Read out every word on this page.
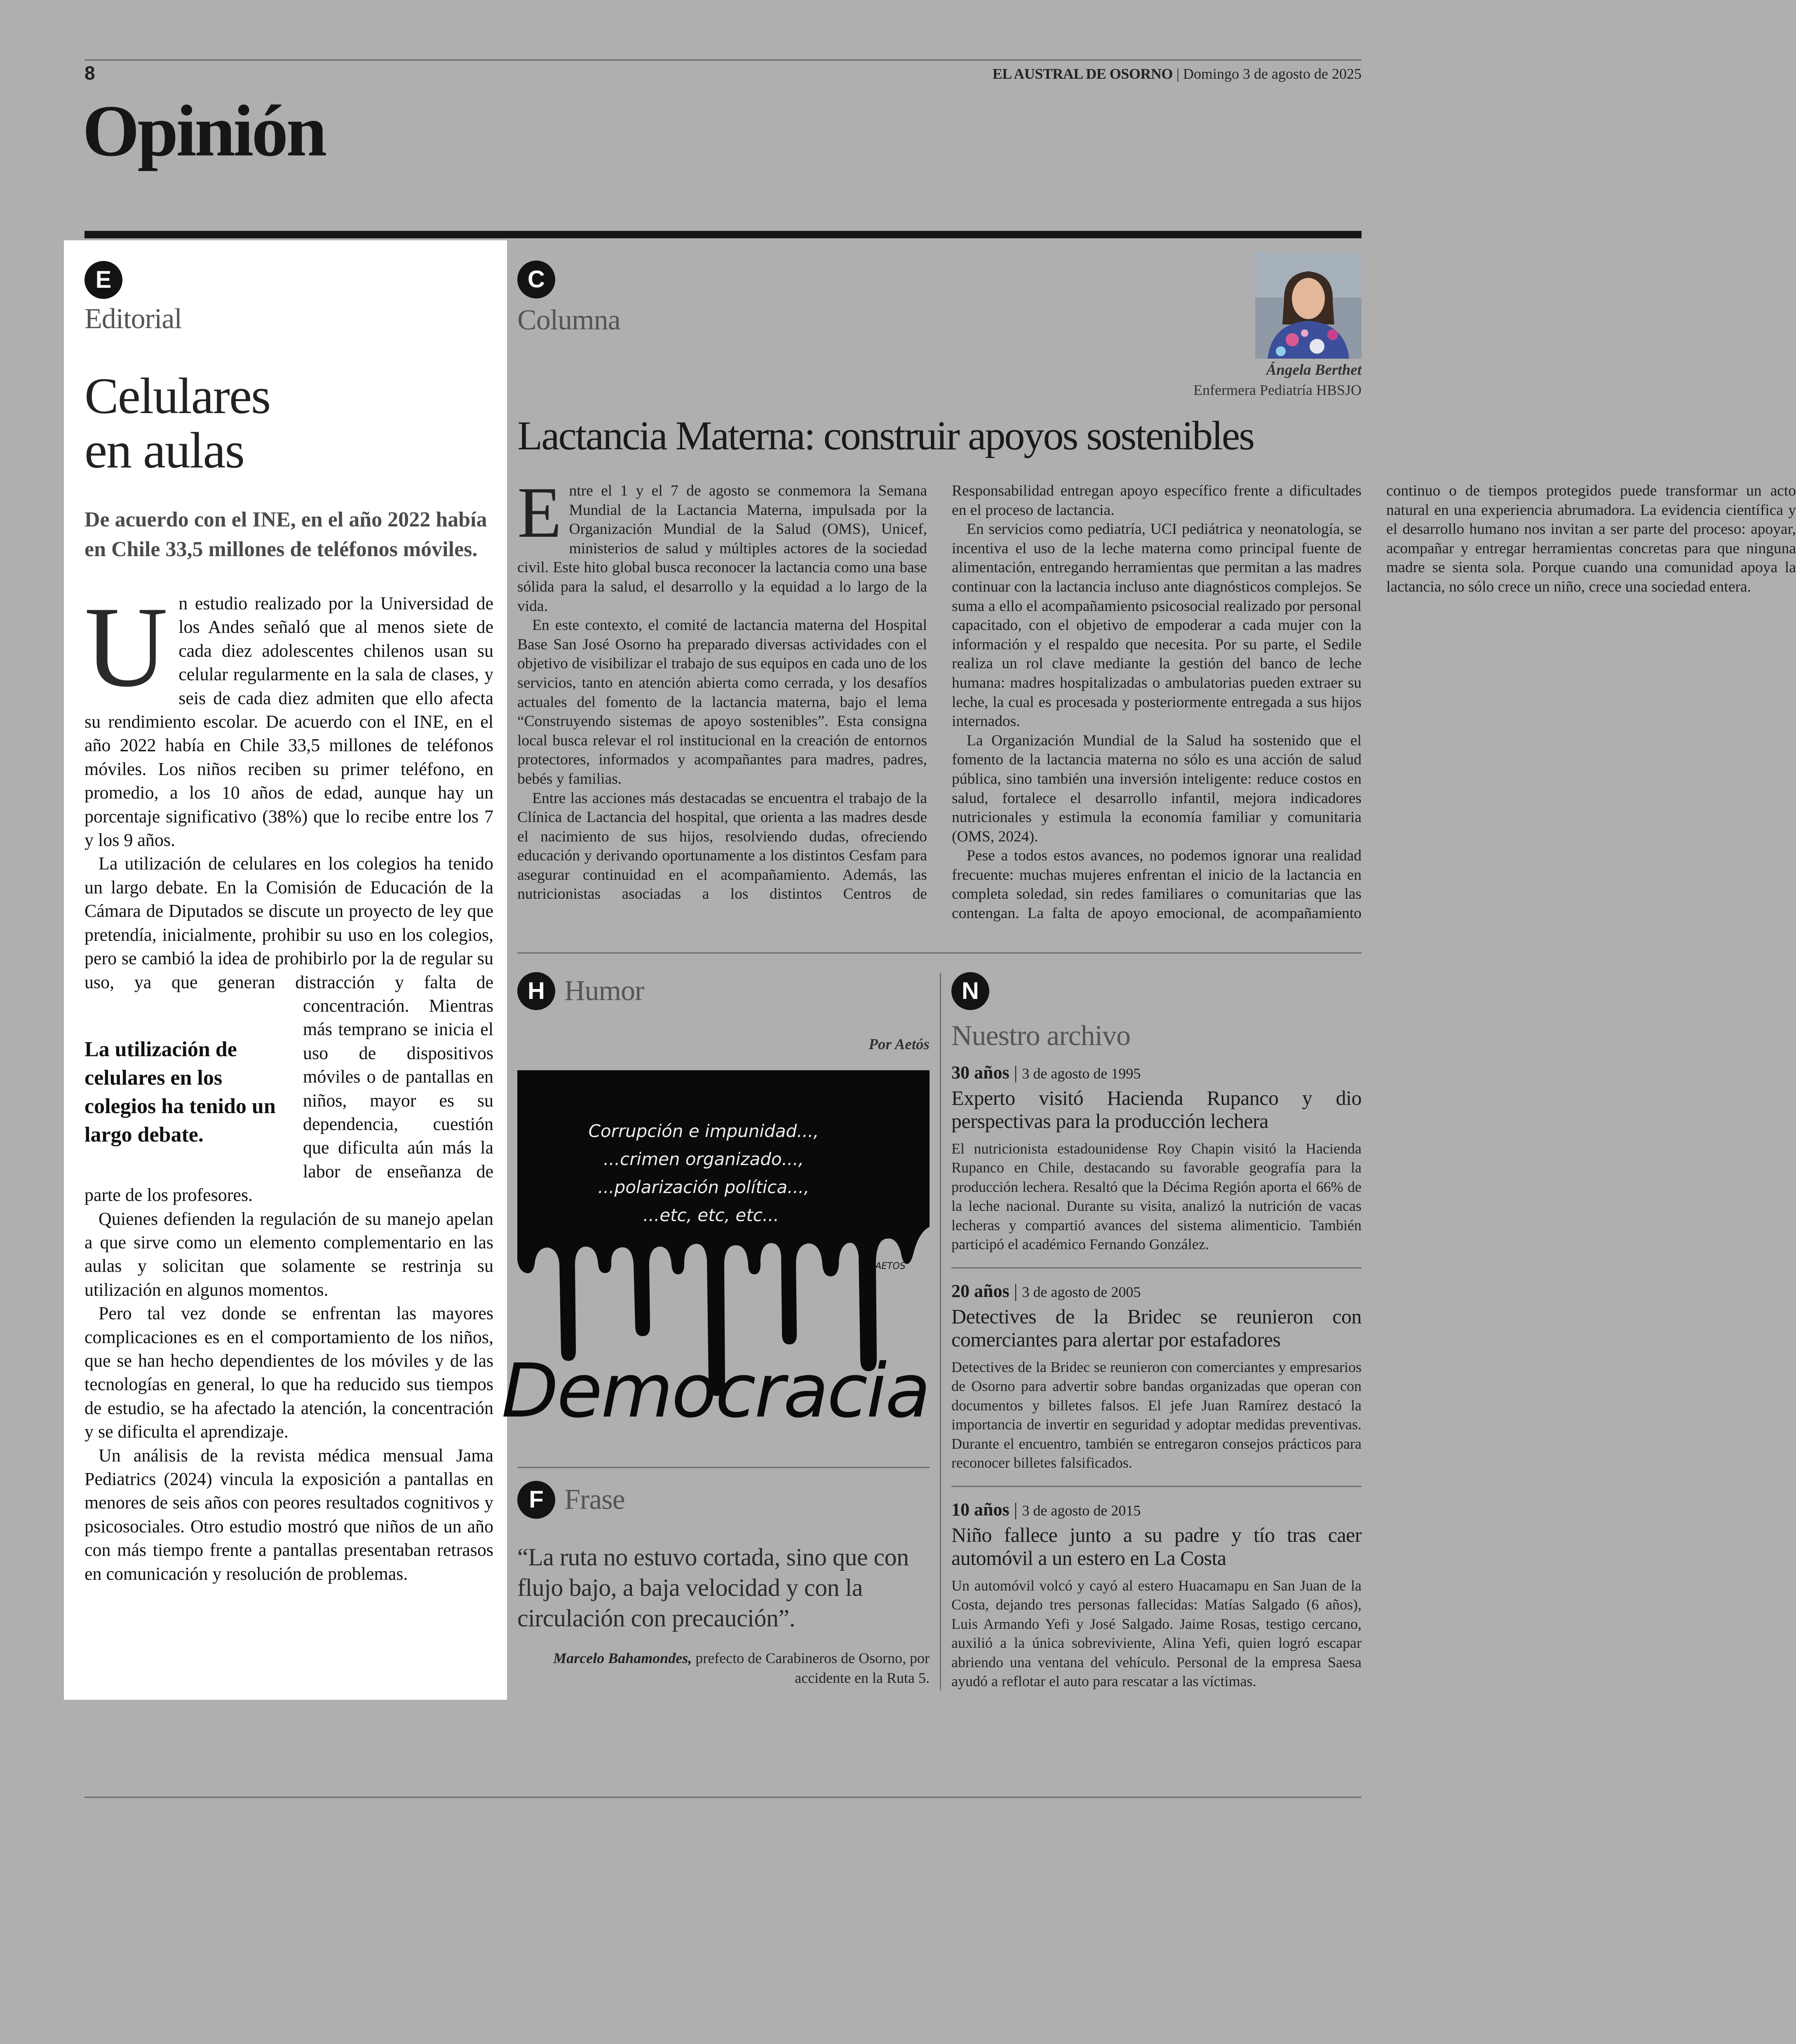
8	EL AUSTRAL DE OSORNO | Domingo 3 de agosto de 2025
Opinión
E
Editorial
Celulares
en aulas
De acuerdo con el INE, en el año 2022 había en Chile 33,5 millones de teléfonos móviles.
U n estudio realizado por la Universidad de los Andes señaló que al menos siete de cada diez adolescentes chilenos usan su celular regularmente en la sala de clases, y seis de cada diez admiten que ello afecta su rendimiento escolar. De acuerdo con el INE, en el año 2022 había en Chile 33,5 millones de teléfonos móviles. Los niños reciben su primer teléfono, en promedio, a los 10 años de edad, aunque hay un porcentaje significativo (38%) que lo recibe entre los 7 y los 9 años.

La utilización de celulares en los colegios ha tenido un largo debate. En la Comisión de Educación de la Cámara de Diputados se discute un proyecto de ley que pretendía, inicialmente, prohibir su uso en los colegios, pero se cambió la idea de prohibirlo por la de regular su uso, ya que generan distracción y falta de concentración.
La utilización de celulares en los colegios ha tenido un largo debate.
Mientras más temprano se inicia el uso de dispositivos móviles o de pantallas en niños, mayor es su dependencia, cuestión que dificulta aún más la labor de enseñanza de parte de los profesores.

Quienes defienden la regulación de su manejo apelan a que sirve como un elemento complementario en las aulas y solicitan que solamente se restrinja su utilización en algunos momentos.

Pero tal vez donde se enfrentan las mayores complicaciones es en el comportamiento de los niños, que se han hecho dependientes de los móviles y de las tecnologías en general, lo que ha reducido sus tiempos de estudio, se ha afectado la atención, la concentración y se dificulta el aprendizaje.

Un análisis de la revista médica mensual Jama Pediatrics (2024) vincula la exposición a pantallas en menores de seis años con peores resultados cognitivos y psicosociales. Otro estudio mostró que niños de un año con más tiempo frente a pantallas presentaban retrasos en comunicación y resolución de problemas.

C
Columna
Ángela Berthet
Enfermera Pediatría HBSJO
Lactancia Materna: construir apoyos sostenibles
E ntre el 1 y el 7 de agosto se conmemora la Semana Mundial de la Lactancia Materna, impulsada por la Organización Mundial de la Salud (OMS), Unicef, ministerios de salud y múltiples actores de la sociedad civil. Este hito global busca reconocer la lactancia como una base sólida para la salud, el desarrollo y la equidad a lo largo de la vida.

En este contexto, el comité de lactancia materna del Hospital Base San José Osorno ha preparado diversas actividades con el objetivo de visibilizar el trabajo de sus equipos en cada uno de los servicios, tanto en atención abierta como cerrada, y los desafíos actuales del fomento de la lactancia materna, bajo el lema “Construyendo sistemas de apoyo sostenibles”. Esta consigna local busca relevar el rol institucional en la creación de entornos protectores, informados y acompañantes para madres, padres, bebés y familias.

Entre las acciones más destacadas se encuentra el trabajo de la Clínica de Lactancia del hospital, que orienta a las madres desde el nacimiento de sus hijos, resolviendo dudas, ofreciendo educación y derivando oportunamente a los distintos Cesfam para asegurar continuidad en el acompañamiento. Además, las nutricionistas asociadas a los distintos Centros de Responsabilidad entregan apoyo específico frente a dificultades en el proceso de lactancia.

En servicios como pediatría, UCI pediátrica y neonatología, se incentiva el uso de la leche materna como principal fuente de alimentación, entregando herramientas que permitan a las madres continuar con la lactancia incluso ante diagnósticos complejos. Se suma a ello el acompañamiento psicosocial realizado por personal capacitado, con el objetivo de empoderar a cada mujer con la información y el respaldo que necesita. Por su parte, el Sedile realiza un rol clave mediante la gestión del banco de leche humana: madres hospitalizadas o ambulatorias pueden extraer su leche, la cual es procesada y posteriormente entregada a sus hijos internados.

La Organización Mundial de la Salud ha sostenido que el fomento de la lactancia materna no sólo es una acción de salud pública, sino también una inversión inteligente: reduce costos en salud, fortalece el desarrollo infantil, mejora indicadores nutricionales y estimula la economía familiar y comunitaria (OMS, 2024).

Pese a todos estos avances, no podemos ignorar una realidad frecuente: muchas mujeres enfrentan el inicio de la lactancia en completa soledad, sin redes familiares o comunitarias que las contengan. La falta de apoyo emocional, de acompañamiento continuo o de tiempos protegidos puede transformar un acto natural en una experiencia abrumadora. La evidencia científica y el desarrollo humano nos invitan a ser parte del proceso: apoyar, acompañar y entregar herramientas concretas para que ninguna madre se sienta sola. Porque cuando una comunidad apoya la lactancia, no sólo crece un niño, crece una sociedad entera.

H Humor
Por Aetós
Corrupción e impunidad...,
...crimen organizado...,
...polarización política...,
...etc, etc, etc...
AETOS
Democracia
F Frase
“La ruta no estuvo cortada, sino que con flujo bajo, a baja velocidad y con la circulación con precaución”.
Marcelo Bahamondes, prefecto de Carabineros de Osorno, por accidente en la Ruta 5.
N
Nuestro archivo
30 años | 3 de agosto de 1995
Experto visitó Hacienda Rupanco y dio perspectivas para la producción lechera
El nutricionista estadounidense Roy Chapin visitó la Hacienda Rupanco en Chile, destacando su favorable geografía para la producción lechera. Resaltó que la Décima Región aporta el 66% de la leche nacional. Durante su visita, analizó la nutrición de vacas lecheras y compartió avances del sistema alimenticio. También participó el académico Fernando González.
20 años | 3 de agosto de 2005
Detectives de la Bridec se reunieron con comerciantes para alertar por estafadores
Detectives de la Bridec se reunieron con comerciantes y empresarios de Osorno para advertir sobre bandas organizadas que operan con documentos y billetes falsos. El jefe Juan Ramírez destacó la importancia de invertir en seguridad y adoptar medidas preventivas. Durante el encuentro, también se entregaron consejos prácticos para reconocer billetes falsificados.
10 años | 3 de agosto de 2015
Niño fallece junto a su padre y tío tras caer automóvil a un estero en La Costa
Un automóvil volcó y cayó al estero Huacamapu en San Juan de la Costa, dejando tres personas fallecidas: Matías Salgado (6 años), Luis Armando Yefi y José Salgado. Jaime Rosas, testigo cercano, auxilió a la única sobreviviente, Alina Yefi, quien logró escapar abriendo una ventana del vehículo. Personal de la empresa Saesa ayudó a reflotar el auto para rescatar a las víctimas.
